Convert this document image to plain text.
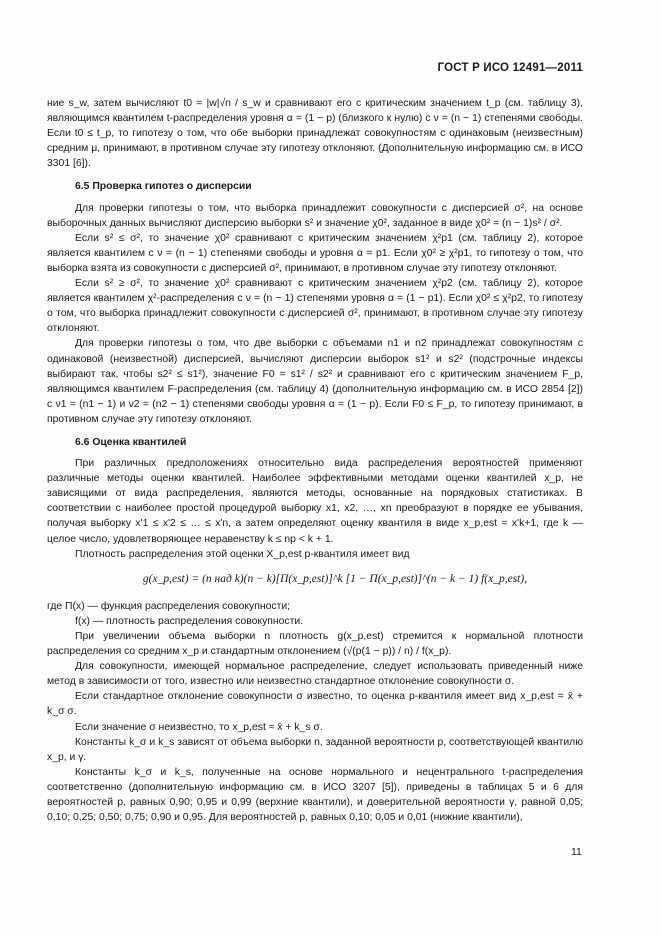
ГОСТ Р ИСО 12491—2011

ние s_w, затем вычисляют t0 = |w|√n / s_w и сравнивают его с критическим значением t_p (см. таблицу 3), являющимся квантилем t-распределения уровня α = (1 − p) (близкого к нулю) с ν = (n − 1) степенями свободы. Если t0 ≤ t_p, то гипотезу о том, что обе выборки принадлежат совокупностям с одинаковым (неизвестным) средним μ, принимают, в противном случае эту гипотезу отклоняют. (Дополнительную информацию см. в ИСО 3301 [6]).

6.5 Проверка гипотез о дисперсии

Для проверки гипотезы о том, что выборка принадлежит совокупности с дисперсией σ², на основе выборочных данных вычисляют дисперсию выборки s² и значение χ0², заданное в виде χ0² = (n − 1)s² / σ².

Если s² ≤ σ², то значение χ0² сравнивают с критическим значением χ²p1 (см. таблицу 2), которое является квантилем с ν = (n − 1) степенями свободы и уровня α = p1. Если χ0² ≥ χ²p1, то гипотезу о том, что выборка взята из совокупности с дисперсией σ², принимают, в противном случае эту гипотезу отклоняют.

Если s² ≥ σ², то значение χ0² сравнивают с критическим значением χ²p2 (см. таблицу 2), которое является квантилем χ²-распределения с ν = (n − 1) степенями уровня α = (1 − p1). Если χ0² ≤ χ²p2, то гипотезу о том, что выборка принадлежит совокупности с дисперсией σ², принимают, в противном случае эту гипотезу отклоняют.

Для проверки гипотезы о том, что две выборки с объемами n1 и n2 принадлежат совокупностям с одинаковой (неизвестной) дисперсией, вычисляют дисперсии выборок s1² и s2² (подстрочные индексы выбирают так, чтобы s2² ≤ s1²), значение F0 = s1² / s2² и сравнивают его с критическим значением F_p, являющимся квантилем F-распределения (см. таблицу 4) (дополнительную информацию см. в ИСО 2854 [2]) с ν1 = (n1 − 1) и ν2 = (n2 − 1) степенями свободы уровня α = (1 − p). Если F0 ≤ F_p, то гипотезу принимают, в противном случае эту гипотезу отклоняют.

6.6 Оценка квантилей

При различных предположениях относительно вида распределения вероятностей применяют различные методы оценки квантилей. Наиболее эффективными методами оценки квантилей x_p, не зависящими от вида распределения, являются методы, основанные на порядковых статистиках. В соответствии с наиболее простой процедурой выборку x1, x2, …, xn преобразуют в порядке ее убывания, получая выборку x'1 ≤ x'2 ≤ … ≤ x'n, а затем определяют оценку квантиля в виде x_p,est = x'k+1, где k — целое число, удовлетворяющее неравенству k ≤ np < k + 1.

Плотность распределения этой оценки X_p,est p-квантиля имеет вид

g(x_p,est) = (n над k)(n − k)[Π(x_p,est)]^k [1 − Π(x_p,est)]^(n − k − 1) f(x_p,est),

где Π(x) — функция распределения совокупности;

f(x) — плотность распределения совокупности.

При увеличении объема выборки n плотность g(x_p,est) стремится к нормальной плотности распределения со средним x_p и стандартным отклонением (√(p(1 − p)) / n) / f(x_p).

Для совокупности, имеющей нормальное распределение, следует использовать приведенный ниже метод в зависимости от того, известно или неизвестно стандартное отклонение совокупности σ.

Если стандартное отклонение совокупности σ известно, то оценка p-квантиля имеет вид x_p,est = x̄ + k_σ σ.

Если значение σ неизвестно, то x_p,est ≈ x̄ + k_s σ.

Константы k_σ и k_s зависят от объема выборки n, заданной вероятности p, соответствующей квантилю x_p, и γ.

Константы k_σ и k_s, полученные на основе нормального и нецентрального t-распределения соответственно (дополнительную информацию см. в ИСО 3207 [5]), приведены в таблицах 5 и 6 для вероятностей p, равных 0,90; 0,95 и 0,99 (верхние квантили), и доверительной вероятности γ, равной 0,05; 0,10; 0,25; 0,50; 0,75; 0,90 и 0,95. Для вероятностей p, равных 0,10; 0,05 и 0,01 (нижние квантили),

11
